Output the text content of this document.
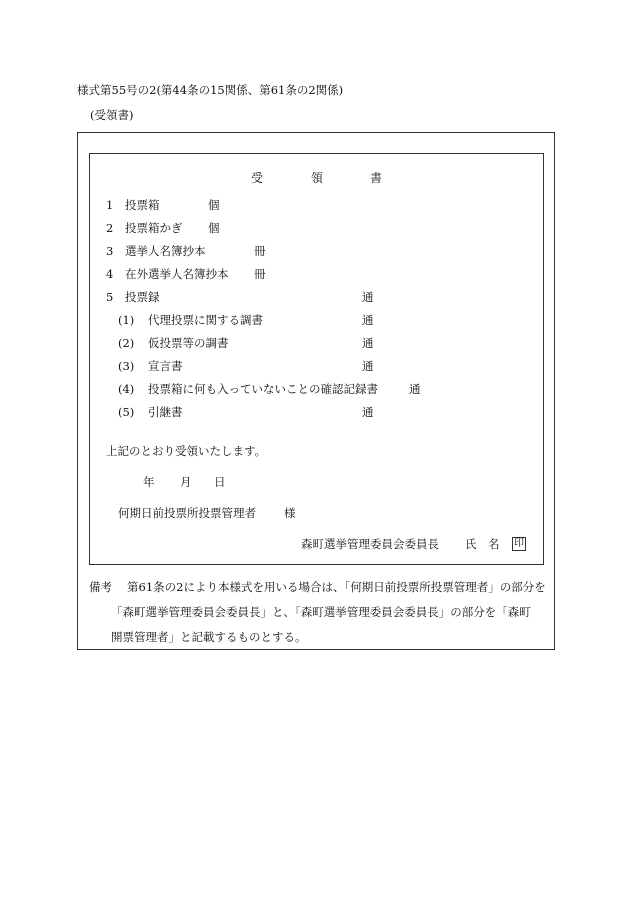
様式第55号の2(第44条の15関係、第61条の2関係)
(受領書)
受	領	書
1 投票箱	個
2 投票箱かぎ 個
3 選挙人名簿抄本	冊
4 在外選挙人名簿抄本 冊
5 投票録	通
(1) 代理投票に関する調書	通
(2) 仮投票等の調書	通
(3) 宣言書	通
(4) 投票箱に何も入っていないことの確認記録書	通
(5) 引継書	通
上記のとおり受領いたします。
年 月 日
何期日前投票所投票管理者 様
森町選挙管理委員会委員長 氏　名 印
備考 第61条の2により本様式を用いる場合は、「何期日前投票所投票管理者」の部分を
「森町選挙管理委員会委員長」と、「森町選挙管理委員会委員長」の部分を「森町
開票管理者」と記載するものとする。
